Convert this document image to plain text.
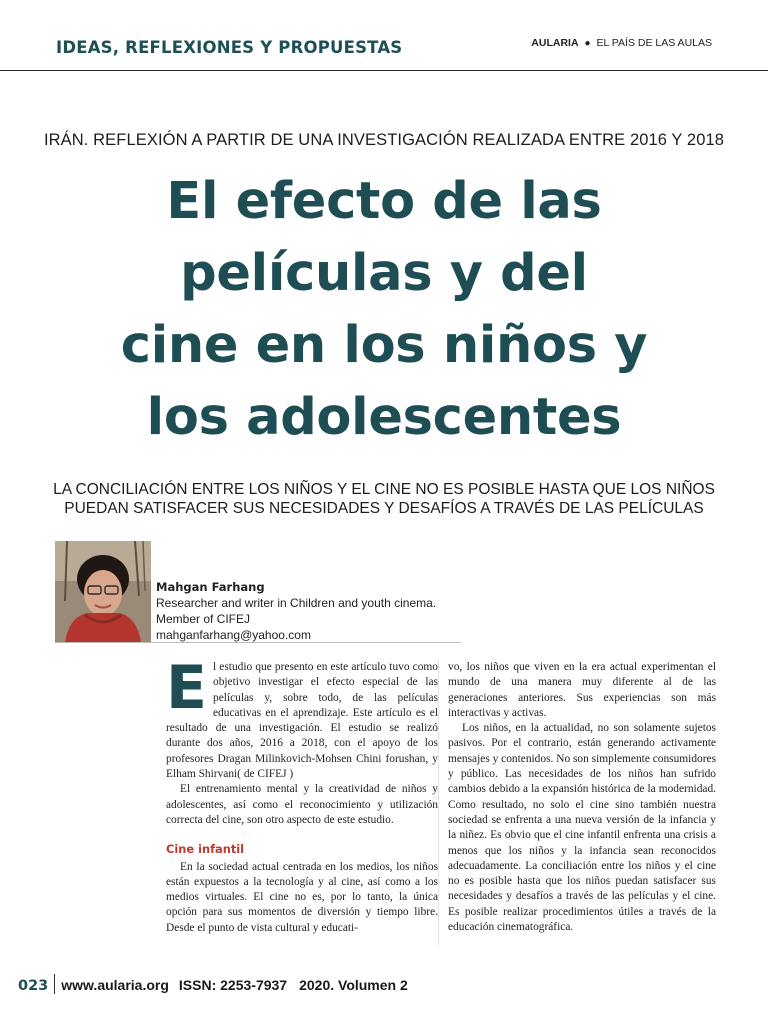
IDEAS, REFLEXIONES Y PROPUESTAS	AULARIA ● EL PAÍS DE LAS AULAS
IRÁN. REFLEXIÓN A PARTIR DE UNA INVESTIGACIÓN REALIZADA ENTRE 2016 Y 2018
El efecto de las
películas y del
cine en los niños y
los adolescentes
LA CONCILIACIÓN ENTRE LOS NIÑOS Y EL CINE NO ES POSIBLE HASTA QUE LOS NIÑOS
PUEDAN SATISFACER SUS NECESIDADES Y DESAFÍOS A TRAVÉS DE LAS PELÍCULAS
Mahgan Farhang
Researcher and writer in Children and youth cinema.
Member of CIFEJ
mahganfarhang@yahoo.com

El estudio que presento en este artículo tuvo como objetivo investigar el efecto especial de las películas y, sobre todo, de las películas educativas en el aprendizaje. Este artículo es el resultado de una investigación. El estudio se realizó durante dos años, 2016 a 2018, con el apoyo de los profesores Dragan Milinkovich-Mohsen Chini forushan, y Elham Shirvani( de CIFEJ )

El entrenamiento mental y la creatividad de niños y adolescentes, así como el reconocimiento y utilización correcta del cine, son otro aspecto de este estudio.

Cine infantil

En la sociedad actual centrada en los medios, los niños están expuestos a la tecnología y al cine, así como a los medios virtuales. El cine no es, por lo tanto, la única opción para sus momentos de diversión y tiempo libre. Desde el punto de vista cultural y educati-

vo, los niños que viven en la era actual experimentan el mundo de una manera muy diferente al de las generaciones anteriores. Sus experiencias son más interactivas y activas.

Los niños, en la actualidad, no son solamente sujetos pasivos. Por el contrario, están generando activamente mensajes y contenidos. No son simplemente consumidores y público. Las necesidades de los niños han sufrido cambios debido a la expansión histórica de la modernidad. Como resultado, no solo el cine sino también nuestra sociedad se enfrenta a una nueva versión de la infancia y la niñez. Es obvio que el cine infantil enfrenta una crisis a menos que los niños y la infancia sean reconocidos adecuadamente. La conciliación entre los niños y el cine no es posible hasta que los niños puedan satisfacer sus necesidades y desafíos a través de las películas y el cine. Es posible realizar procedimientos útiles a través de la educación cinematográfica.

023 www.aularia.org ISSN: 2253-7937 2020. Volumen 2
